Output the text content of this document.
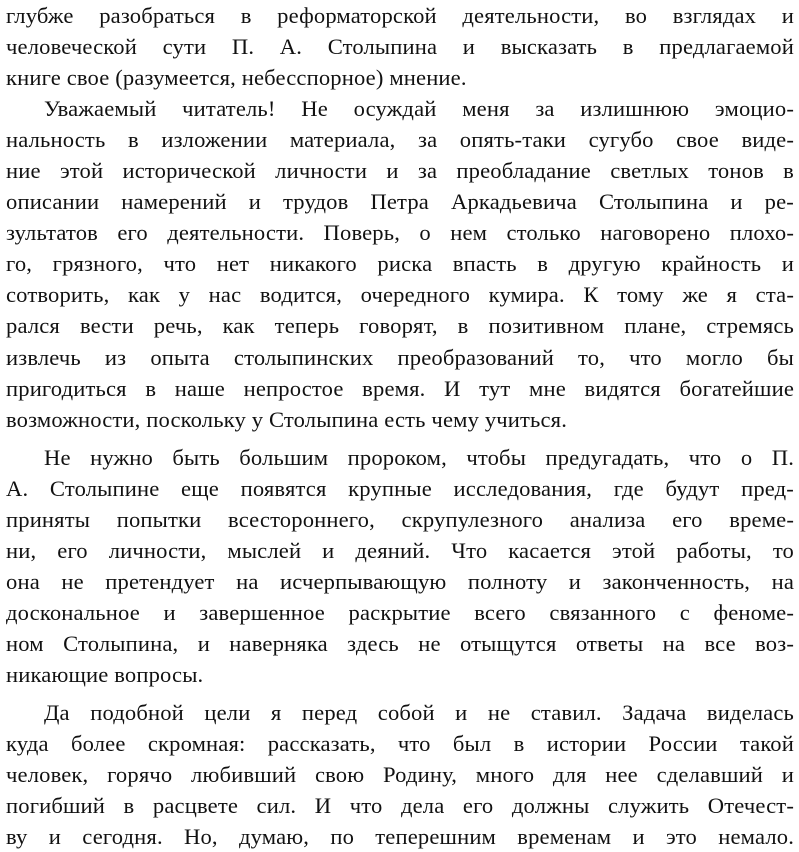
глубже разобраться в реформаторской деятельности, во взглядах и
человеческой сути П. А. Столыпина и высказать в предлагаемой
книге свое (разумеется, небесспорное) мнение.
Уважаемый читатель! Не осуждай меня за излишнюю эмоцио-
нальность в изложении материала, за опять-таки сугубо свое виде-
ние этой исторической личности и за преобладание светлых тонов в
описании намерений и трудов Петра Аркадьевича Столыпина и ре-
зультатов его деятельности. Поверь, о нем столько наговорено плохо-
го, грязного, что нет никакого риска впасть в другую крайность и
сотворить, как у нас водится, очередного кумира. К тому же я ста-
рался вести речь, как теперь говорят, в позитивном плане, стремясь
извлечь из опыта столыпинских преобразований то, что могло бы
пригодиться в наше непростое время. И тут мне видятся богатейшие
возможности, поскольку у Столыпина есть чему учиться.
Не нужно быть большим пророком, чтобы предугадать, что о П.
А. Столыпине еще появятся крупные исследования, где будут пред-
приняты попытки всестороннего, скрупулезного анализа его време-
ни, его личности, мыслей и деяний. Что касается этой работы, то
она не претендует на исчерпывающую полноту и законченность, на
доскональное и завершенное раскрытие всего связанного с феноме-
ном Столыпина, и наверняка здесь не отыщутся ответы на все воз-
никающие вопросы.
Да подобной цели я перед собой и не ставил. Задача виделась
куда более скромная: рассказать, что был в истории России такой
человек, горячо любивший свою Родину, много для нее сделавший и
погибший в расцвете сил. И что дела его должны служить Отечест-
ву и сегодня. Но, думаю, по теперешним временам и это немало.
